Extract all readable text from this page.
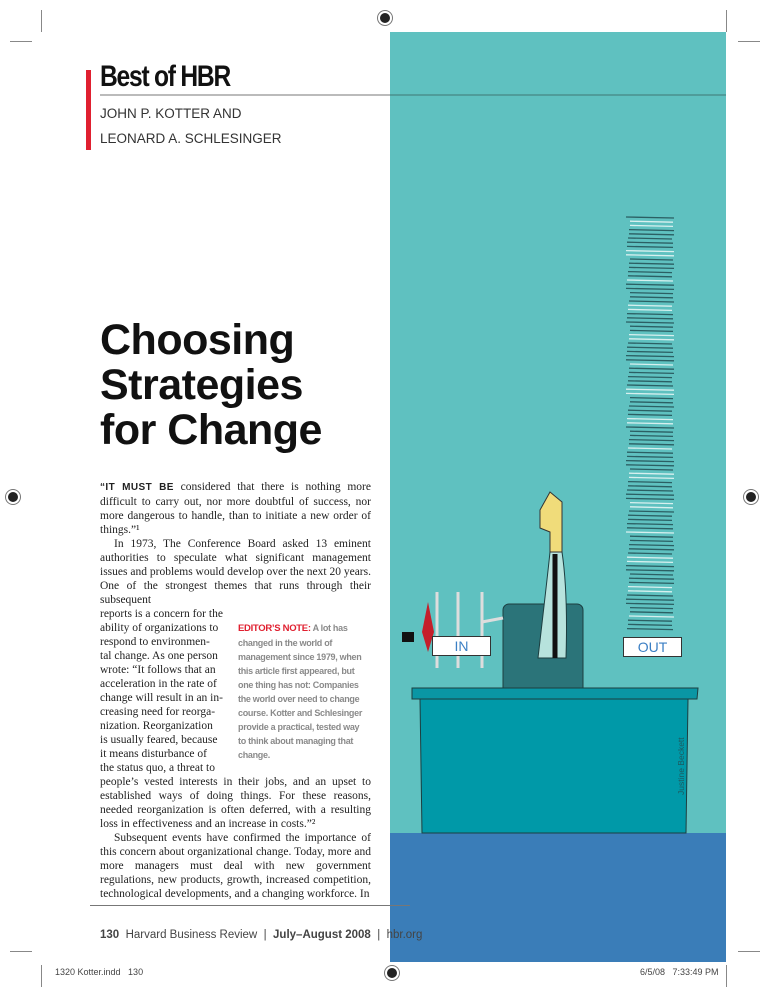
IN	OUT
Justine Beckett
Best of HBR
JOHN P. KOTTER AND
LEONARD A. SCHLESINGER
Choosing
Strategies
for Change

“IT MUST BE considered that there is nothing more difficult to carry out, nor more doubtful of success, nor more dangerous to handle, than to initiate a new order of things.”¹

In 1973, The Conference Board asked 13 eminent authorities to speculate what significant management issues and problems would develop over the next 20 years. One of the strongest themes that runs through their subsequent

reports is a concern for the
ability of organizations to
respond to environmen-
tal change. As one person
wrote: “It follows that an
acceleration in the rate of
change will result in an in-
creasing need for reorga-
nization. Reorganization
is usually feared, because
it means disturbance of
the status quo, a threat to
EDITOR’S NOTE: A lot has
changed in the world of
management since 1979, when
this article first appeared, but
one thing has not: Companies
the world over need to change
course. Kotter and Schlesinger
provide a practical, tested way
to think about managing that
change.

people’s vested interests in their jobs, and an upset to established ways of doing things. For these reasons, needed reorganization is often deferred, with a resulting loss in effectiveness and an increase in costs.”²

Subsequent events have confirmed the importance of this concern about organizational change. Today, more and more managers must deal with new government regulations, new products, growth, increased competition, technological developments, and a changing workforce. In

130 Harvard Business Review  |  July–August 2008  |  hbr.org
1320 Kotter.indd   130	6/5/08   7:33:49 PM
